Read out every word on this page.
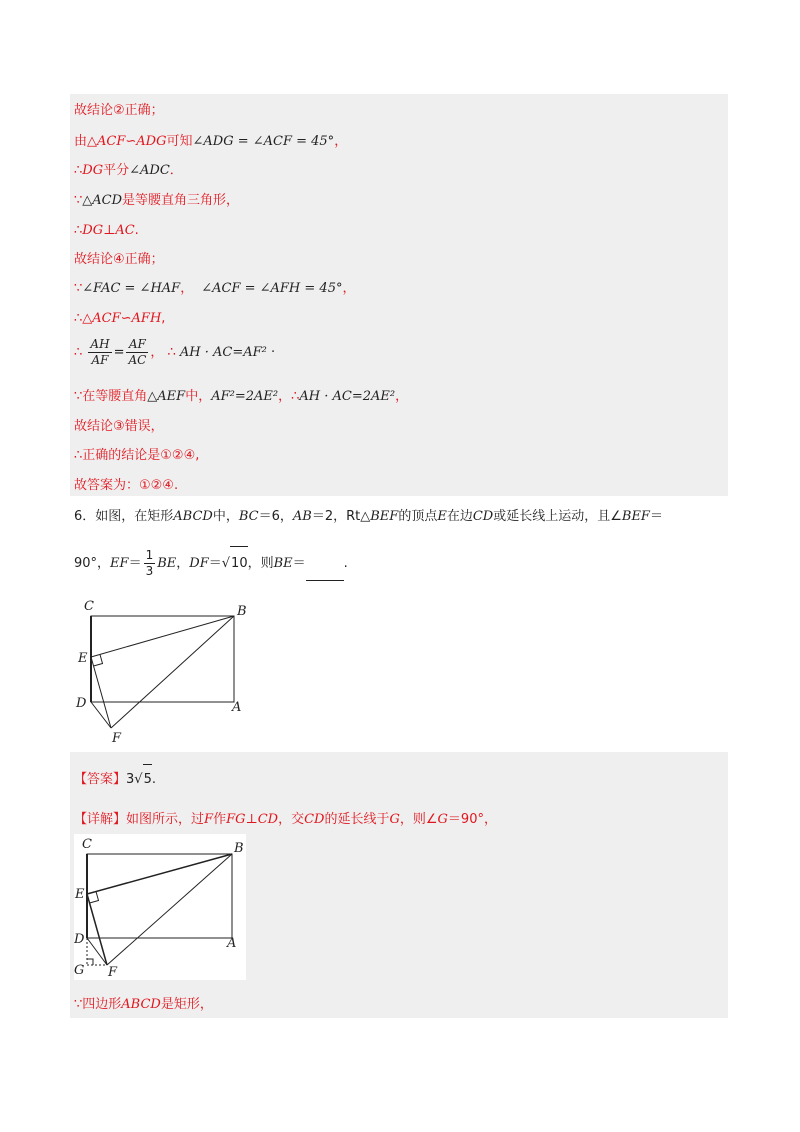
故结论②正确；
由△ACF∽ADG可知∠ADG = ∠ACF = 45°，
∴DG平分∠ADC．
∵△ACD是等腰直角三角形，
∴DG⊥AC.
故结论④正确；
∵∠FAC = ∠HAF， ∠ACF = ∠AFH = 45°，
∴△ACF∽AFH,
∴ $\frac{AH}{AF} = \frac{AF}{AC}$ ， ∴ AH · AC=AF² ·
∵在等腰直角△AEF中，AF²=2AE²，∴AH · AC=2AE²，
故结论③错误，
∴正确的结论是①②④,
故答案为：①②④.
6．如图，在矩形ABCD中，BC＝6，AB＝2，Rt△BEF的顶点E在边CD或延长线上运动，且∠BEF＝
90°，$EF= \frac{1}{3}$ BE，DF＝√10，则BE＝	.
C	B
E
D	A
F
【答案】3√5.
【详解】如图所示，过F作FG⊥CD，交CD的延长线于G，则∠G＝90°，
C	B
E
D	A
G F
∵四边形ABCD是矩形，
